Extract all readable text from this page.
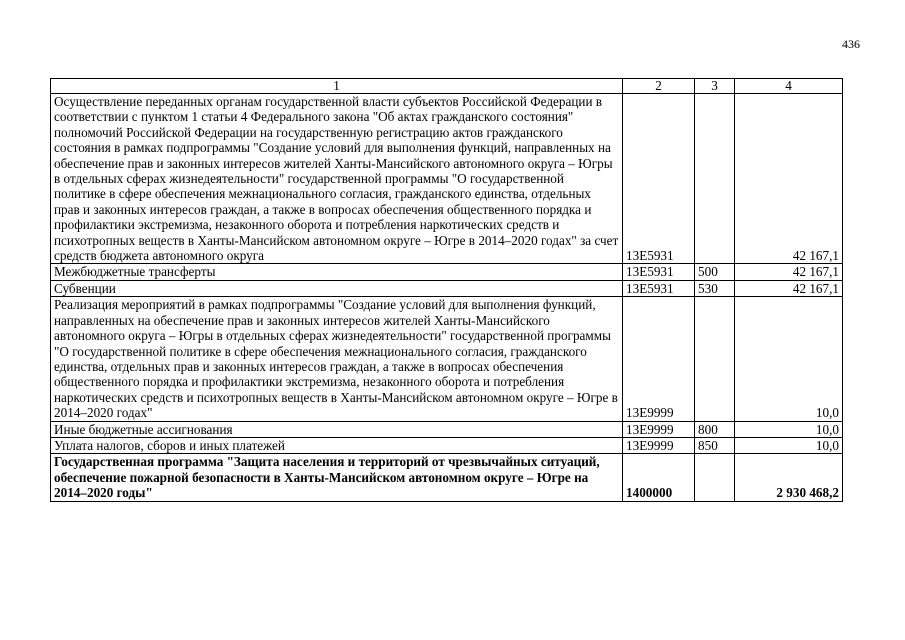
436
1	2	3	4
Осуществление переданных органам государственной власти субъектов Российской Федерации в соответствии с пунктом 1 статьи 4 Федерального закона "Об актах гражданского состояния" полномочий Российской Федерации на государственную регистрацию актов гражданского состояния в рамках подпрограммы "Создание условий для выполнения функций, направленных на обеспечение прав и законных интересов жителей Ханты-Мансийского автономного округа – Югры в отдельных сферах жизнедеятельности" государственной программы "О государственной политике в сфере обеспечения межнационального согласия, гражданского единства, отдельных прав и законных интересов граждан, а также в вопросах обеспечения общественного порядка и профилактики экстремизма, незаконного оборота и потребления наркотических средств и психотропных веществ в Ханты-Мансийском автономном округе – Югре в 2014–2020 годах" за счет средств бюджета автономного округа	13Е5931		42 167,1
Межбюджетные трансферты	13Е5931	500	42 167,1
Субвенции	13Е5931	530	42 167,1
Реализация мероприятий в рамках подпрограммы "Создание условий для выполнения функций, направленных на обеспечение прав и законных интересов жителей Ханты-Мансийского автономного округа – Югры в отдельных сферах жизнедеятельности" государственной программы "О государственной политике в сфере обеспечения межнационального согласия, гражданского единства, отдельных прав и законных интересов граждан, а также в вопросах обеспечения общественного порядка и профилактики экстремизма, незаконного оборота и потребления наркотических средств и психотропных веществ в Ханты-Мансийском автономном округе – Югре в 2014–2020 годах"	13Е9999		10,0
Иные бюджетные ассигнования	13Е9999	800	10,0
Уплата налогов, сборов и иных платежей	13Е9999	850	10,0
Государственная программа "Защита населения и территорий от чрезвычайных ситуаций, обеспечение пожарной безопасности в Ханты-Мансийском автономном округе – Югре на 2014–2020 годы"	1400000		2 930 468,2
